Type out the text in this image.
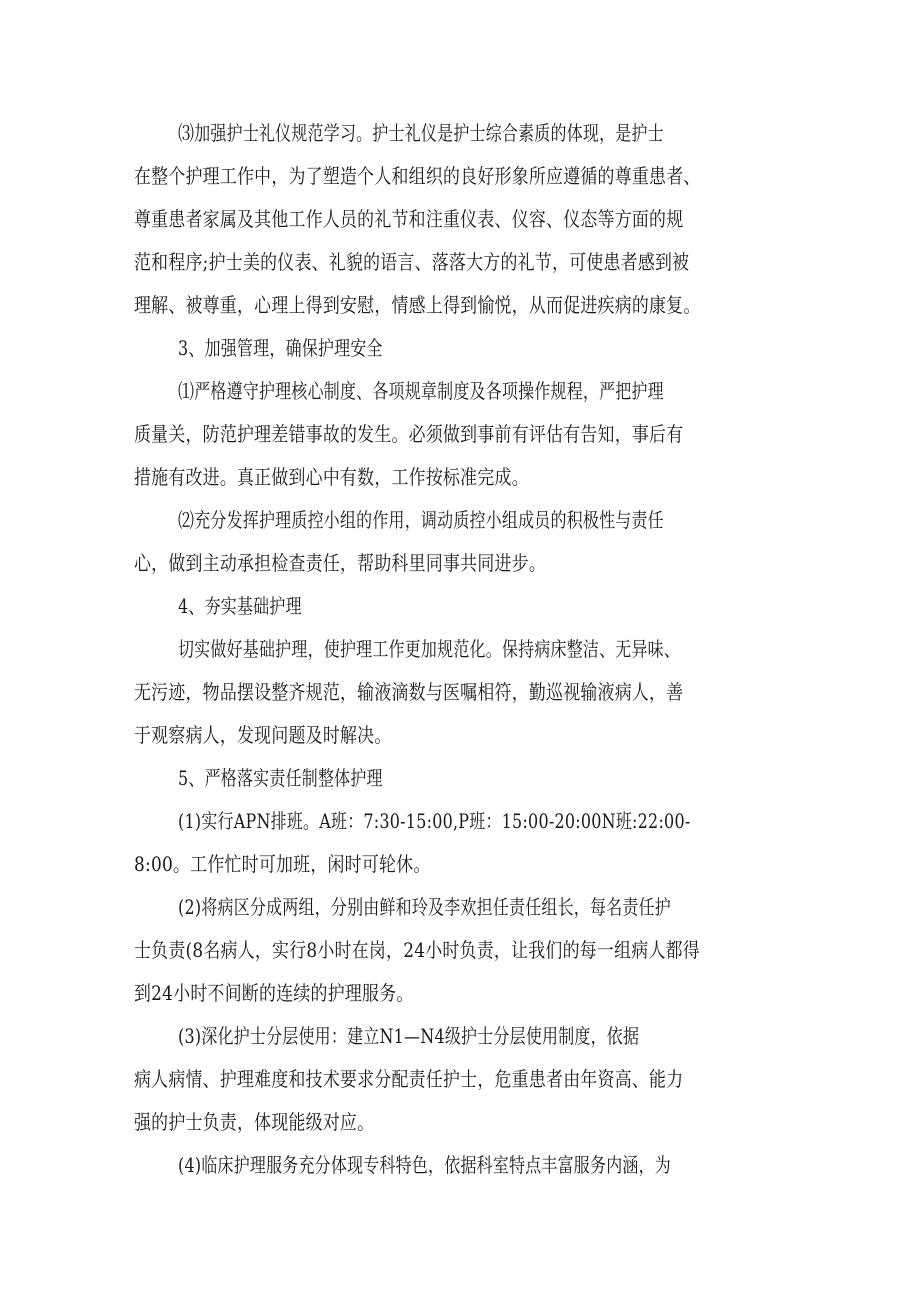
⑶加强护士礼仪规范学习。护士礼仪是护士综合素质的体现，是护士
在整个护理工作中，为了塑造个人和组织的良好形象所应遵循的尊重患者、
尊重患者家属及其他工作人员的礼节和注重仪表、仪容、仪态等方面的规
范和程序;护士美的仪表、礼貌的语言、落落大方的礼节，可使患者感到被
理解、被尊重，心理上得到安慰，情感上得到愉悦，从而促进疾病的康复。
3、加强管理，确保护理安全
⑴严格遵守护理核心制度、各项规章制度及各项操作规程，严把护理
质量关，防范护理差错事故的发生。必须做到事前有评估有告知，事后有
措施有改进。真正做到心中有数，工作按标准完成。
⑵充分发挥护理质控小组的作用，调动质控小组成员的积极性与责任
心，做到主动承担检查责任，帮助科里同事共同进步。
4、夯实基础护理
切实做好基础护理，使护理工作更加规范化。保持病床整洁、无异味、
无污迹，物品摆设整齐规范，输液滴数与医嘱相符，勤巡视输液病人，善
于观察病人，发现问题及时解决。
5、严格落实责任制整体护理
(1)实行APN排班。A班：7:30-15:00,P班：15:00-20:00N班:22:00-
8:00。工作忙时可加班，闲时可轮休。
(2)将病区分成两组，分别由鲜和玲及李欢担任责任组长，每名责任护
士负责(8名病人，实行8小时在岗，24小时负责，让我们的每一组病人都得
到24小时不间断的连续的护理服务。
(3)深化护士分层使用：建立N1—N4级护士分层使用制度，依据
病人病情、护理难度和技术要求分配责任护士，危重患者由年资高、能力
强的护士负责，体现能级对应。
(4)临床护理服务充分体现专科特色，依据科室特点丰富服务内涵，为
